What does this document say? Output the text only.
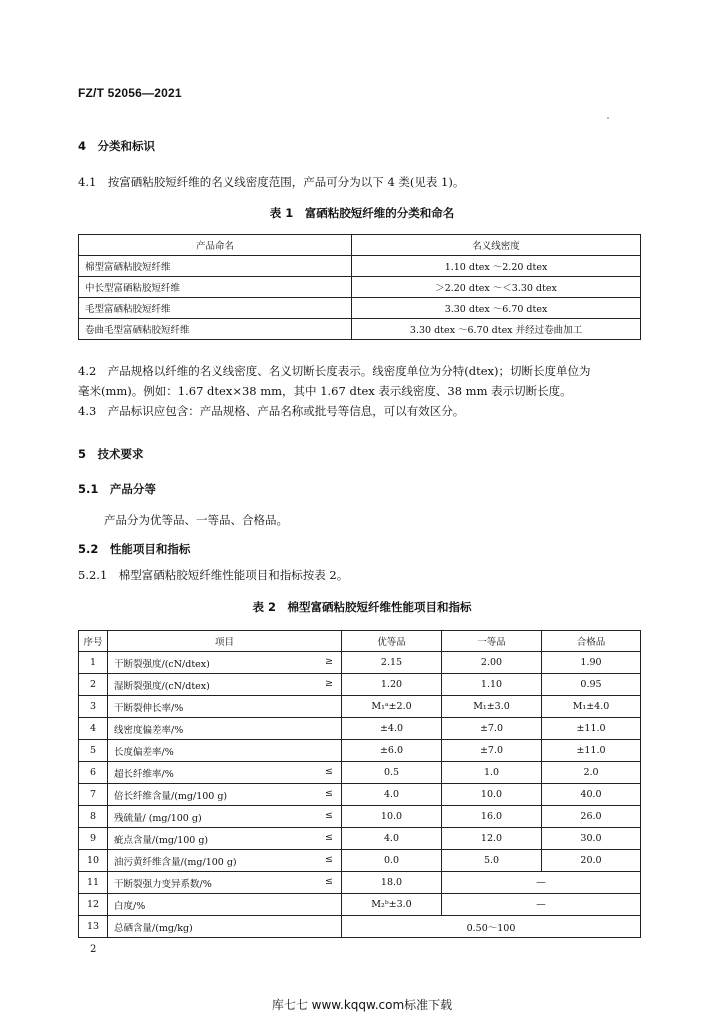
FZ/T 52056—2021
4　分类和标识
4.1　按富硒粘胶短纤维的名义线密度范围，产品可分为以下 4 类(见表 1)。
表 1　富硒粘胶短纤维的分类和命名
产品命名	名义线密度
棉型富硒粘胶短纤维	1.10 dtex ～2.20 dtex
中长型富硒粘胶短纤维	＞2.20 dtex ～＜3.30 dtex
毛型富硒粘胶短纤维	3.30 dtex ～6.70 dtex
卷曲毛型富硒粘胶短纤维	3.30 dtex ～6.70 dtex 并经过卷曲加工
4.2　产品规格以纤维的名义线密度、名义切断长度表示。线密度单位为分特(dtex)；切断长度单位为
毫米(mm)。例如：1.67 dtex×38 mm，其中 1.67 dtex 表示线密度、38 mm 表示切断长度。
4.3　产品标识应包含：产品规格、产品名称或批号等信息，可以有效区分。
5　技术要求
5.1　产品分等
产品分为优等品、一等品、合格品。
5.2　性能项目和指标
5.2.1　棉型富硒粘胶短纤维性能项目和指标按表 2。
表 2　棉型富硒粘胶短纤维性能项目和指标
序号	项目	优等品	一等品	合格品
1	干断裂强度/(cN/dtex) ≥	2.15	2.00	1.90
2	湿断裂强度/(cN/dtex) ≥	1.20	1.10	0.95
3	干断裂伸长率/%	M₁ᵃ±2.0	M₁±3.0	M₁±4.0
4	线密度偏差率/%	±4.0	±7.0	±11.0
5	长度偏差率/%	±6.0	±7.0	±11.0
6	超长纤维率/% ≤	0.5	1.0	2.0
7	倍长纤维含量/(mg/100 g) ≤	4.0	10.0	40.0
8	残硫量/ (mg/100 g) ≤	10.0	16.0	26.0
9	疵点含量/(mg/100 g) ≤	4.0	12.0	30.0
10	油污黄纤维含量/(mg/100 g) ≤	0.0	5.0	20.0
11	干断裂强力变异系数/% ≤	18.0	—	
12	白度/%	M₂ᵇ±3.0	—	
13	总硒含量/(mg/kg)	0.50～100		
2
库七七 www.kqqw.com标准下载
